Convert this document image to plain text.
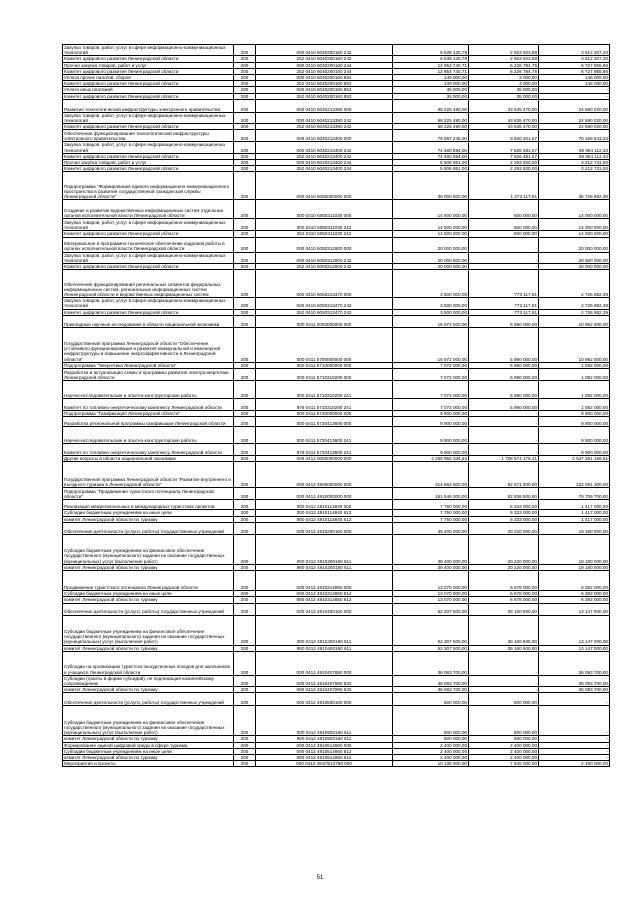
Закупка товаров, работ, услуг в сфере информационно-коммуникационных технологий	200	000 0410 6040200160 242	6 536 130,78	2 923 923,58	3 612 207,20
Комитет цифрового развития Ленинградской области	200	252 0410 6040200160 242	6 536 130,78	2 923 923,58	3 612 207,20
Прочая закупка товаров, работ и услуг	200	000 0410 6040200160 244	12 954 740,71	6 226 784,75	6 727 955,96
Комитет цифрового развития Ленинградской области	200	252 0410 6040200160 244	12 954 740,71	6 226 784,75	6 727 955,96
Уплата прочих налогов, сборов	200	000 0410 6040200160 852	149 000,00	3 000,00	146 000,00
Комитет цифрового развития Ленинградской области	200	252 0410 6040200160 852	149 000,00	3 000,00	146 000,00
Уплата иных платежей	200	000 0410 6040200160 853	35 000,00	35 000,00	-
Комитет цифрового развития Ленинградской области	200	252 0410 6040200160 853	35 000,00	35 000,00	-
Развитие технологической инфраструктуры электронного правительства	200	000 0410 6040213390 000	68 225 490,00	43 635 470,00	24 590 020,00
Закупка товаров, работ, услуг в сфере информационно-коммуникационных технологий	200	000 0410 6040213390 242	68 225 490,00	43 635 470,00	24 590 020,00
Комитет цифрового развития Ленинградской области	200	252 0410 6040213390 242	68 225 490,00	43 635 470,00	24 590 020,00
Обеспечение функционирования технологической инфраструктуры электронного правительства	200	000 0410 6040213400 000	79 987 245,00	9 820 401,67	70 166 843,33
Закупка товаров, работ, услуг в сфере информационно-коммуникационных технологий	200	000 0410 6040213400 242	74 480 594,00	7 526 481,67	66 954 112,33
Комитет цифрового развития Ленинградской области	200	252 0410 6040213400 242	74 480 594,00	7 526 481,67	66 954 112,33
Прочая закупка товаров, работ и услуг	200	000 0410 6040213400 244	5 506 651,00	2 293 920,00	3 212 731,00
Комитет цифрового развития Ленинградской области	200	252 0410 6040213400 244	5 506 651,00	2 293 920,00	3 212 731,00
Подпрограмма "Формирование единого информационно-коммуникационного пространства в развитие государственной гражданской службы Ленинградской области"	200	000 0410 6050000000 000	38 000 000,00	1 273 117,61	36 726 882,39
Создание и развитие ведомственных информационных систем отдельных органов исполнительной власти Ленинградской области	200	000 0410 6050311030 000	14 500 000,00	500 000,00	14 000 000,00
Закупка товаров, работ, услуг в сфере информационно-коммуникационных технологий	200	000 0410 6050311030 242	14 500 000,00	500 000,00	14 000 000,00
Комитет цифрового развития Ленинградской области	200	252 0410 6050311030 242	14 500 000,00	500 000,00	14 000 000,00
Материальное и программно-техническое обеспечение кадровой работы в органах исполнительной власти Ленинградской области	200	000 0410 6050312800 000	20 000 000,00	-	20 000 000,00
Закупка товаров, работ, услуг в сфере информационно-коммуникационных технологий	200	000 0410 6050312800 242	20 000 000,00	-	20 000 000,00
Комитет цифрового развития Ленинградской области	200	252 0410 6050312800 242	20 000 000,00	-	20 000 000,00
Обеспечение функционирования региональных сегментов федеральных информационных систем, региональных информационных систем Ленинградской области и ведомственных информационных систем	200	000 0410 6050313470 000	3 500 000,00	773 117,61	2 726 882,39
Закупка товаров, работ, услуг в сфере информационно-коммуникационных технологий	200	000 0410 6050313470 242	3 500 000,00	773 117,61	2 726 882,39
Комитет цифрового развития Ленинградской области	200	252 0410 6050313470 242	3 500 000,00	773 117,61	2 726 882,39
Прикладные научные исследования в области национальной экономики	200	000 0411 0000000000 000	16 972 000,00	5 990 000,00	10 982 000,00
Государственная программа Ленинградской области "Обеспечение устойчивого функционирования и развития коммунальной и инженерной инфраструктуры и повышение энергоэффективности в Ленинградской области"	200	000 0411 5700000000 000	16 972 000,00	5 990 000,00	10 982 000,00
Подпрограмма "Энергетика Ленинградской области"	200	000 0411 5710000000 000	7 072 000,00	5 990 000,00	1 082 000,00
Разработка и актуализация схемы и программы развития электроэнергетики Ленинградской области	200	000 0411 5710310200 000	7 072 000,00	5 990 000,00	1 082 000,00
Научно-исследовательские и опытно-конструкторские работы	200	000 0411 5710310200 241	7 072 000,00	5 990 000,00	1 082 000,00
Комитет по топливно-энергетическому комплексу Ленинградской области	200	978 0411 5710310200 241	7 072 000,00	5 990 000,00	1 082 000,00
Подпрограмма "Газификация Ленинградской области"	200	000 0411 5730000000 000	9 900 000,00	-	9 900 000,00
Разработка региональной программы газификации Ленинградской области	200	000 0411 5730413600 000	9 900 000,00	-	9 900 000,00
Научно-исследовательские и опытно-конструкторские работы	200	000 0411 5730413600 241	9 900 000,00	-	9 900 000,00
Комитет по топливно-энергетическому комплексу Ленинградской области	200	978 0411 5730413600 241	9 900 000,00	-	9 900 000,00
Другие вопросы в области национальной экономики	200	000 0412 0000000000 000	4 255 955 334,92	1 708 574 178,41	2 547 381 156,51
Государственная программа Ленинградской области "Развитие внутреннего и въездного туризма в Ленинградской области"	200	000 0412 4900000000 000	314 662 600,00	92 571 300,00	222 091 300,00
Подпрограмма "Продвижение туристского потенциала Ленинградской области"	200	000 0412 4910000000 000	161 646 200,00	82 936 500,00	78 709 700,00
Реализация межрегиональных и международных туристских проектов	200	000 0412 4910114840 000	7 750 000,00	6 333 000,00	1 417 000,00
Субсидии бюджетным учреждениям на иные цели	200	000 0412 4910114840 612	7 750 000,00	6 333 000,00	1 417 000,00
комитет Ленинградской области по туризму	200	980 0412 4910114840 612	7 750 000,00	6 333 000,00	1 417 000,00
Обеспечение деятельности (услуги, работы) государственных учреждений	200	000 0412 4910200160 000	39 400 000,00	20 220 000,00	19 180 000,00
Субсидии бюджетным учреждениям на финансовое обеспечение государственного (муниципального) задания на оказание государственных (муниципальных) услуг (выполнение работ)	200	000 0412 4910200160 611	39 400 000,00	20 220 000,00	19 180 000,00
комитет Ленинградской области по туризму	200	980 0412 4910200160 611	39 400 000,00	20 220 000,00	19 180 000,00
Продвижение туристского потенциала Ленинградской области	200	000 0412 4910314850 000	13 070 000,00	6 678 000,00	6 392 000,00
Субсидии бюджетным учреждениям на иные цели	200	000 0412 4910314850 612	13 070 000,00	6 678 000,00	6 392 000,00
комитет Ленинградской области по туризму	200	980 0412 4910314850 612	13 070 000,00	6 678 000,00	6 392 000,00
Обеспечение деятельности (услуги, работы) государственных учреждений	200	000 0412 4910400160 000	52 307 500,00	39 160 500,00	13 147 000,00
Субсидии бюджетным учреждениям на финансовое обеспечение государственного (муниципального) задания на оказание государственных (муниципальных) услуг (выполнение работ)	200	000 0412 4910400160 611	52 307 500,00	39 160 500,00	13 147 000,00
комитет Ленинградской области по туризму	200	980 0412 4910400160 611	52 307 500,00	39 160 500,00	13 147 000,00
Субсидии на организацию туристско-экскурсионных походов для школьников и учащихся Ленинградской области	200	000 0412 4910407890 000	36 083 700,00	-	36 083 700,00
Субсидии (гранты в форме субсидий), не подлежащие казначейскому сопровождению	200	000 0412 4910407890 633	36 083 700,00	-	36 083 700,00
комитет Ленинградской области по туризму	200	980 0412 4910407890 633	36 083 700,00	-	36 083 700,00
Обеспечение деятельности (услуги, работы) государственных учреждений	200	000 0412 4910500160 000	500 000,00	500 000,00	-
Субсидии бюджетным учреждениям на финансовое обеспечение государственного (муниципального) задания на оказание государственных (муниципальных) услуг (выполнение работ)	200	000 0412 4910500160 611	500 000,00	500 000,00	-
комитет Ленинградской области по туризму	200	980 0412 4910500160 611	500 000,00	500 000,00	-
Формирование единой цифровой среды в сфере туризма	200	000 0412 4910514860 000	2 400 000,00	2 400 000,00	-
Субсидии бюджетным учреждениям на иные цели	200	000 0412 4910514860 612	2 400 000,00	2 400 000,00	-
комитет Ленинградской области по туризму	200	980 0412 4910514860 612	2 400 000,00	2 400 000,00	-
Мероприятия и проекты	200	000 0412 491П513780 000	10 135 000,00	7 645 000,00	2 490 000,00
51
